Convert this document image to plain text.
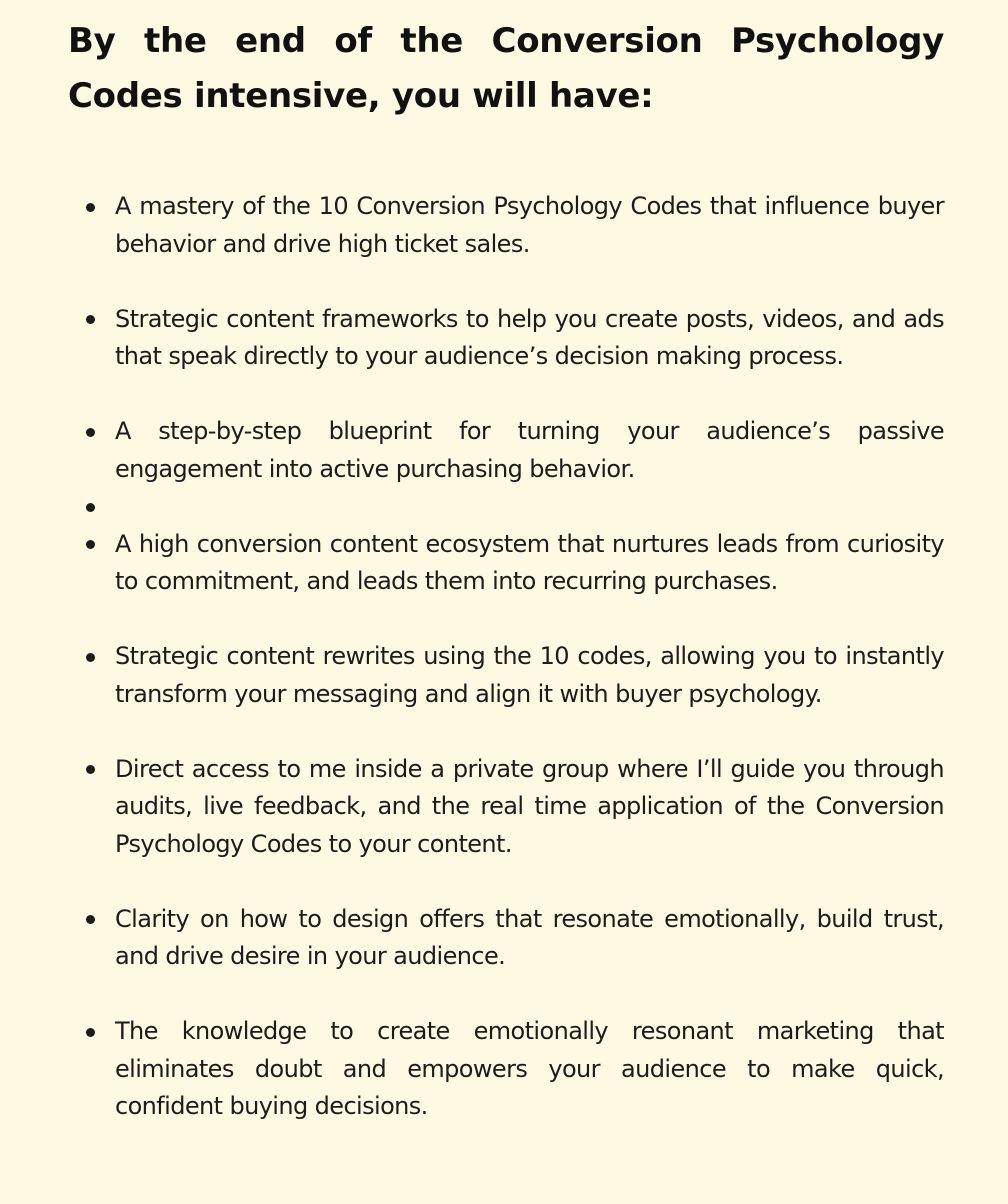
By the end of the Conversion Psychology Codes intensive, you will have:
A mastery of the 10 Conversion Psychology Codes that influence buyer behavior and drive high ticket sales.
Strategic content frameworks to help you create posts, videos, and ads that speak directly to your audience’s decision making process.
A step-by-step blueprint for turning your audience’s passive engagement into active purchasing behavior.
A high conversion content ecosystem that nurtures leads from curiosity to commitment, and leads them into recurring purchases.
Strategic content rewrites using the 10 codes, allowing you to instantly transform your messaging and align it with buyer psychology.
Direct access to me inside a private group where I’ll guide you through audits, live feedback, and the real time application of the Conversion Psychology Codes to your content.
Clarity on how to design offers that resonate emotionally, build trust, and drive desire in your audience.
The knowledge to create emotionally resonant marketing that eliminates doubt and empowers your audience to make quick, confident buying decisions.
